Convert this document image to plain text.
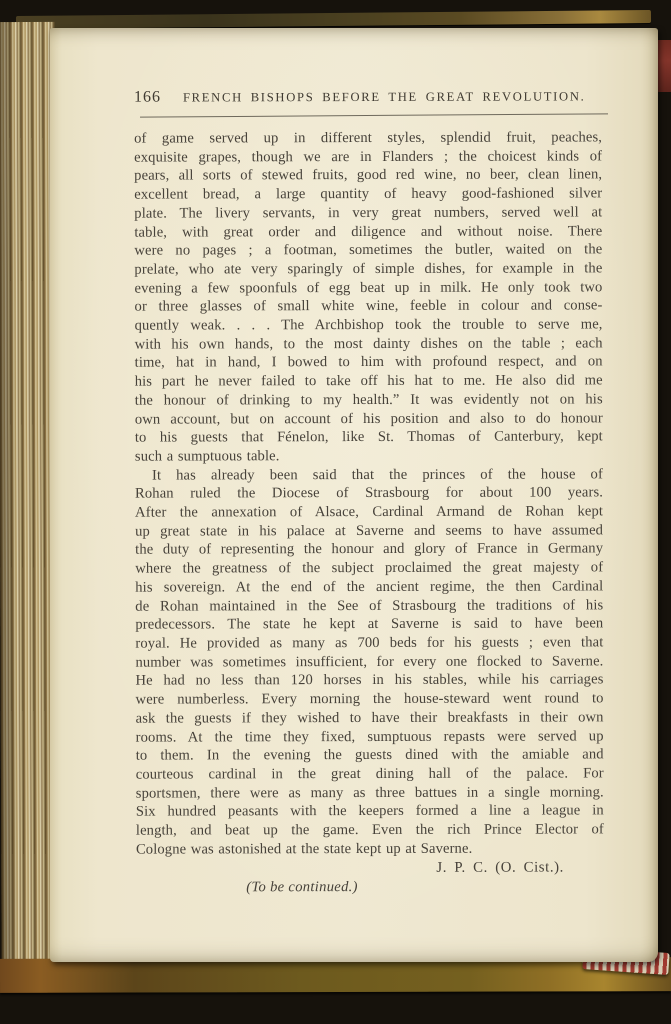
166 FRENCH BISHOPS BEFORE THE GREAT REVOLUTION.
of game served up in different styles, splendid fruit, peaches,
exquisite grapes, though we are in Flanders ; the choicest kinds of
pears, all sorts of stewed fruits, good red wine, no beer, clean linen,
excellent bread, a large quantity of heavy good-fashioned silver
plate. The livery servants, in very great numbers, served well at
table, with great order and diligence and without noise. There
were no pages ; a footman, sometimes the butler, waited on the
prelate, who ate very sparingly of simple dishes, for example in the
evening a few spoonfuls of egg beat up in milk. He only took two
or three glasses of small white wine, feeble in colour and conse-
quently weak. . . . The Archbishop took the trouble to serve me,
with his own hands, to the most dainty dishes on the table ; each
time, hat in hand, I bowed to him with profound respect, and on
his part he never failed to take off his hat to me. He also did me
the honour of drinking to my health.” It was evidently not on his
own account, but on account of his position and also to do honour
to his guests that Fénelon, like St. Thomas of Canterbury, kept
such a sumptuous table.
It has already been said that the princes of the house of
Rohan ruled the Diocese of Strasbourg for about 100 years.
After the annexation of Alsace, Cardinal Armand de Rohan kept
up great state in his palace at Saverne and seems to have assumed
the duty of representing the honour and glory of France in Germany
where the greatness of the subject proclaimed the great majesty of
his sovereign. At the end of the ancient regime, the then Cardinal
de Rohan maintained in the See of Strasbourg the traditions of his
predecessors. The state he kept at Saverne is said to have been
royal. He provided as many as 700 beds for his guests ; even that
number was sometimes insufficient, for every one flocked to Saverne.
He had no less than 120 horses in his stables, while his carriages
were numberless. Every morning the house-steward went round to
ask the guests if they wished to have their breakfasts in their own
rooms. At the time they fixed, sumptuous repasts were served up
to them. In the evening the guests dined with the amiable and
courteous cardinal in the great dining hall of the palace. For
sportsmen, there were as many as three battues in a single morning.
Six hundred peasants with the keepers formed a line a league in
length, and beat up the game. Even the rich Prince Elector of
Cologne was astonished at the state kept up at Saverne.
J. P. C. (O. Cist.).
(To be continued.)
